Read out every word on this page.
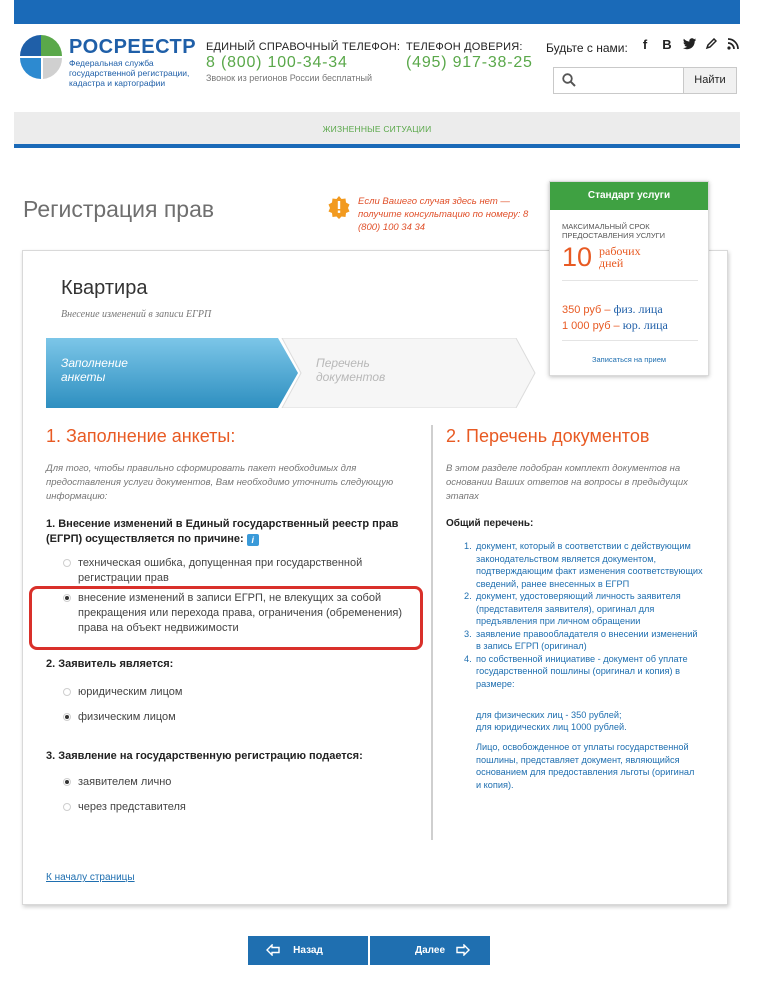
РОСРЕЕСТР
Федеральная служба государственной регистрации, кадастра и картографии
ЕДИНЫЙ СПРАВОЧНЫЙ ТЕЛЕФОН:
8 (800) 100-34-34
Звонок из регионов России бесплатный
ТЕЛЕФОН ДОВЕРИЯ:
(495) 917-38-25
Будьте с нами:	f	B
Найти
ЖИЗНЕННЫЕ СИТУАЦИИ
Регистрация прав	Если Вашего случая здесь нет — получите консультацию по номеру: 8 (800) 100 34 34
Стандарт услуги
МАКСИМАЛЬНЫЙ СРОК ПРЕДОСТАВЛЕНИЯ УСЛУГИ
10 рабочих дней
350 руб – физ. лица
1 000 руб – юр. лица
Записаться на прием
Квартира
Внесение изменений в записи ЕГРП
Заполнение анкеты
Перечень документов
1. Заполнение анкеты:	2. Перечень документов
Для того, чтобы правильно сформировать пакет необходимых для предоставления услуги документов, Вам необходимо уточнить следующую информацию:
В этом разделе подобран комплект документов на основании Ваших ответов на вопросы в предыдущих этапах
1. Внесение изменений в Единый государственный реестр прав (ЕГРП) осуществляется по причине: i
техническая ошибка, допущенная при государственной регистрации прав
внесение изменений в записи ЕГРП, не влекущих за собой прекращения или перехода права, ограничения (обременения) права на объект недвижимости
2. Заявитель является:
юридическим лицом
физическим лицом
3. Заявление на государственную регистрацию подается:
заявителем лично
через представителя
Общий перечень:
1. документ, который в соответствии с действующим законодательством является документом, подтверждающим факт изменения соответствующих сведений, ранее внесенных в ЕГРП
2. документ, удостоверяющий личность заявителя (представителя заявителя), оригинал для предъявления при личном обращении
3. заявление правообладателя о внесении изменений в запись ЕГРП (оригинал)
4. по собственной инициативе - документ об уплате государственной пошлины (оригинал и копия) в размере:
для физических лиц - 350 рублей;
для юридических лиц 1000 рублей.
Лицо, освобожденное от уплаты государственной пошлины, представляет документ, являющийся основанием для предоставления льготы (оригинал и копия).
К началу страницы
Назад	Далее
